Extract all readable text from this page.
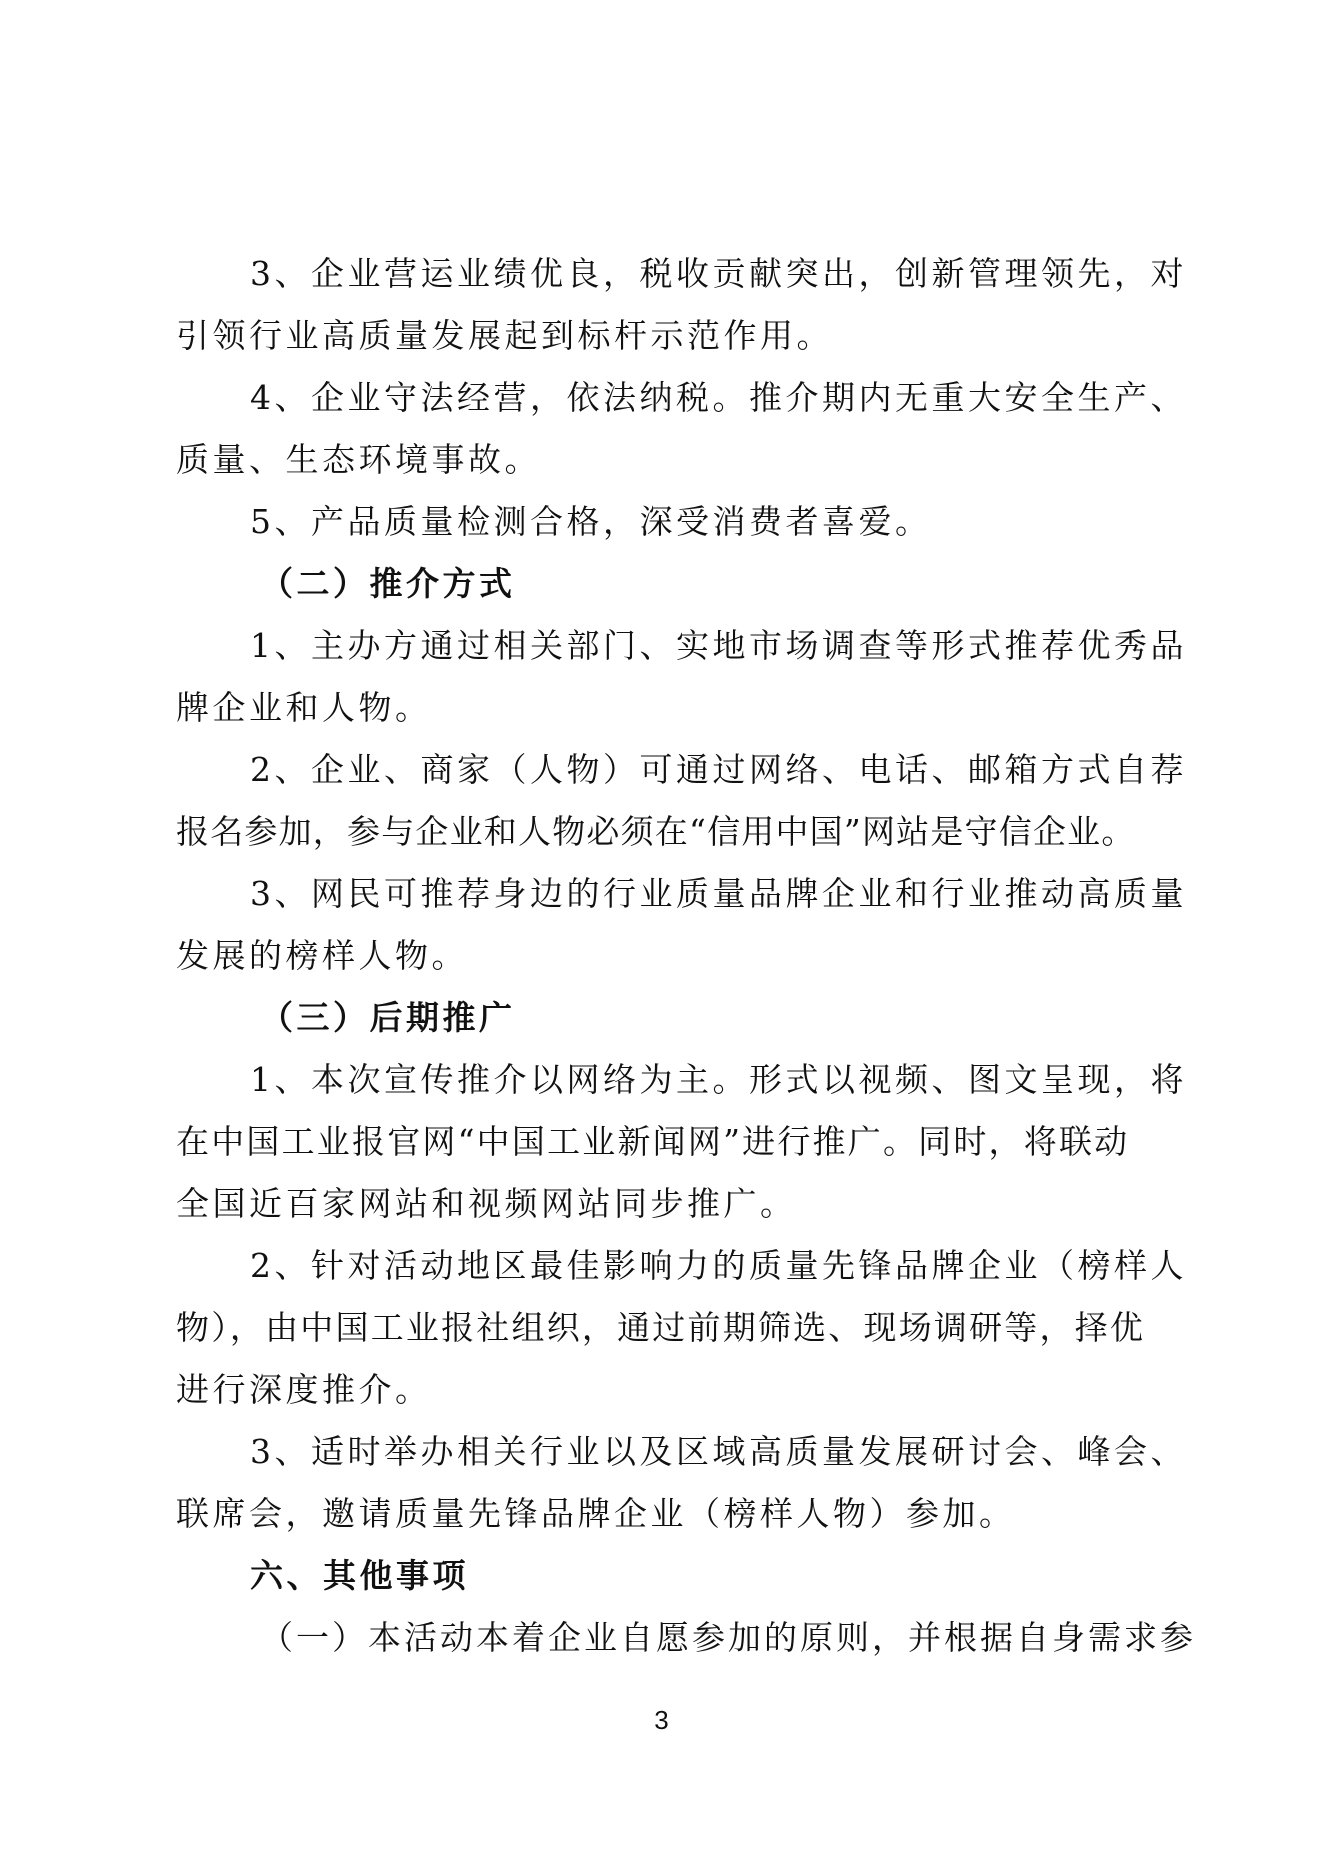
3、企业营运业绩优良，税收贡献突出，创新管理领先，对

引领行业高质量发展起到标杆示范作用。

4、企业守法经营，依法纳税。推介期内无重大安全生产、

质量、生态环境事故。

5、产品质量检测合格，深受消费者喜爱。

（二）推介方式

1、主办方通过相关部门、实地市场调查等形式推荐优秀品

牌企业和人物。

2、企业、商家（人物）可通过网络、电话、邮箱方式自荐

报名参加，参与企业和人物必须在“信用中国”网站是守信企业。

3、网民可推荐身边的行业质量品牌企业和行业推动高质量

发展的榜样人物。

（三）后期推广

1、本次宣传推介以网络为主。形式以视频、图文呈现，将

在中国工业报官网“中国工业新闻网”进行推广。同时，将联动

全国近百家网站和视频网站同步推广。

2、针对活动地区最佳影响力的质量先锋品牌企业（榜样人

物），由中国工业报社组织，通过前期筛选、现场调研等，择优

进行深度推介。

3、适时举办相关行业以及区域高质量发展研讨会、峰会、

联席会，邀请质量先锋品牌企业（榜样人物）参加。

六、其他事项

（一）本活动本着企业自愿参加的原则，并根据自身需求参

3
